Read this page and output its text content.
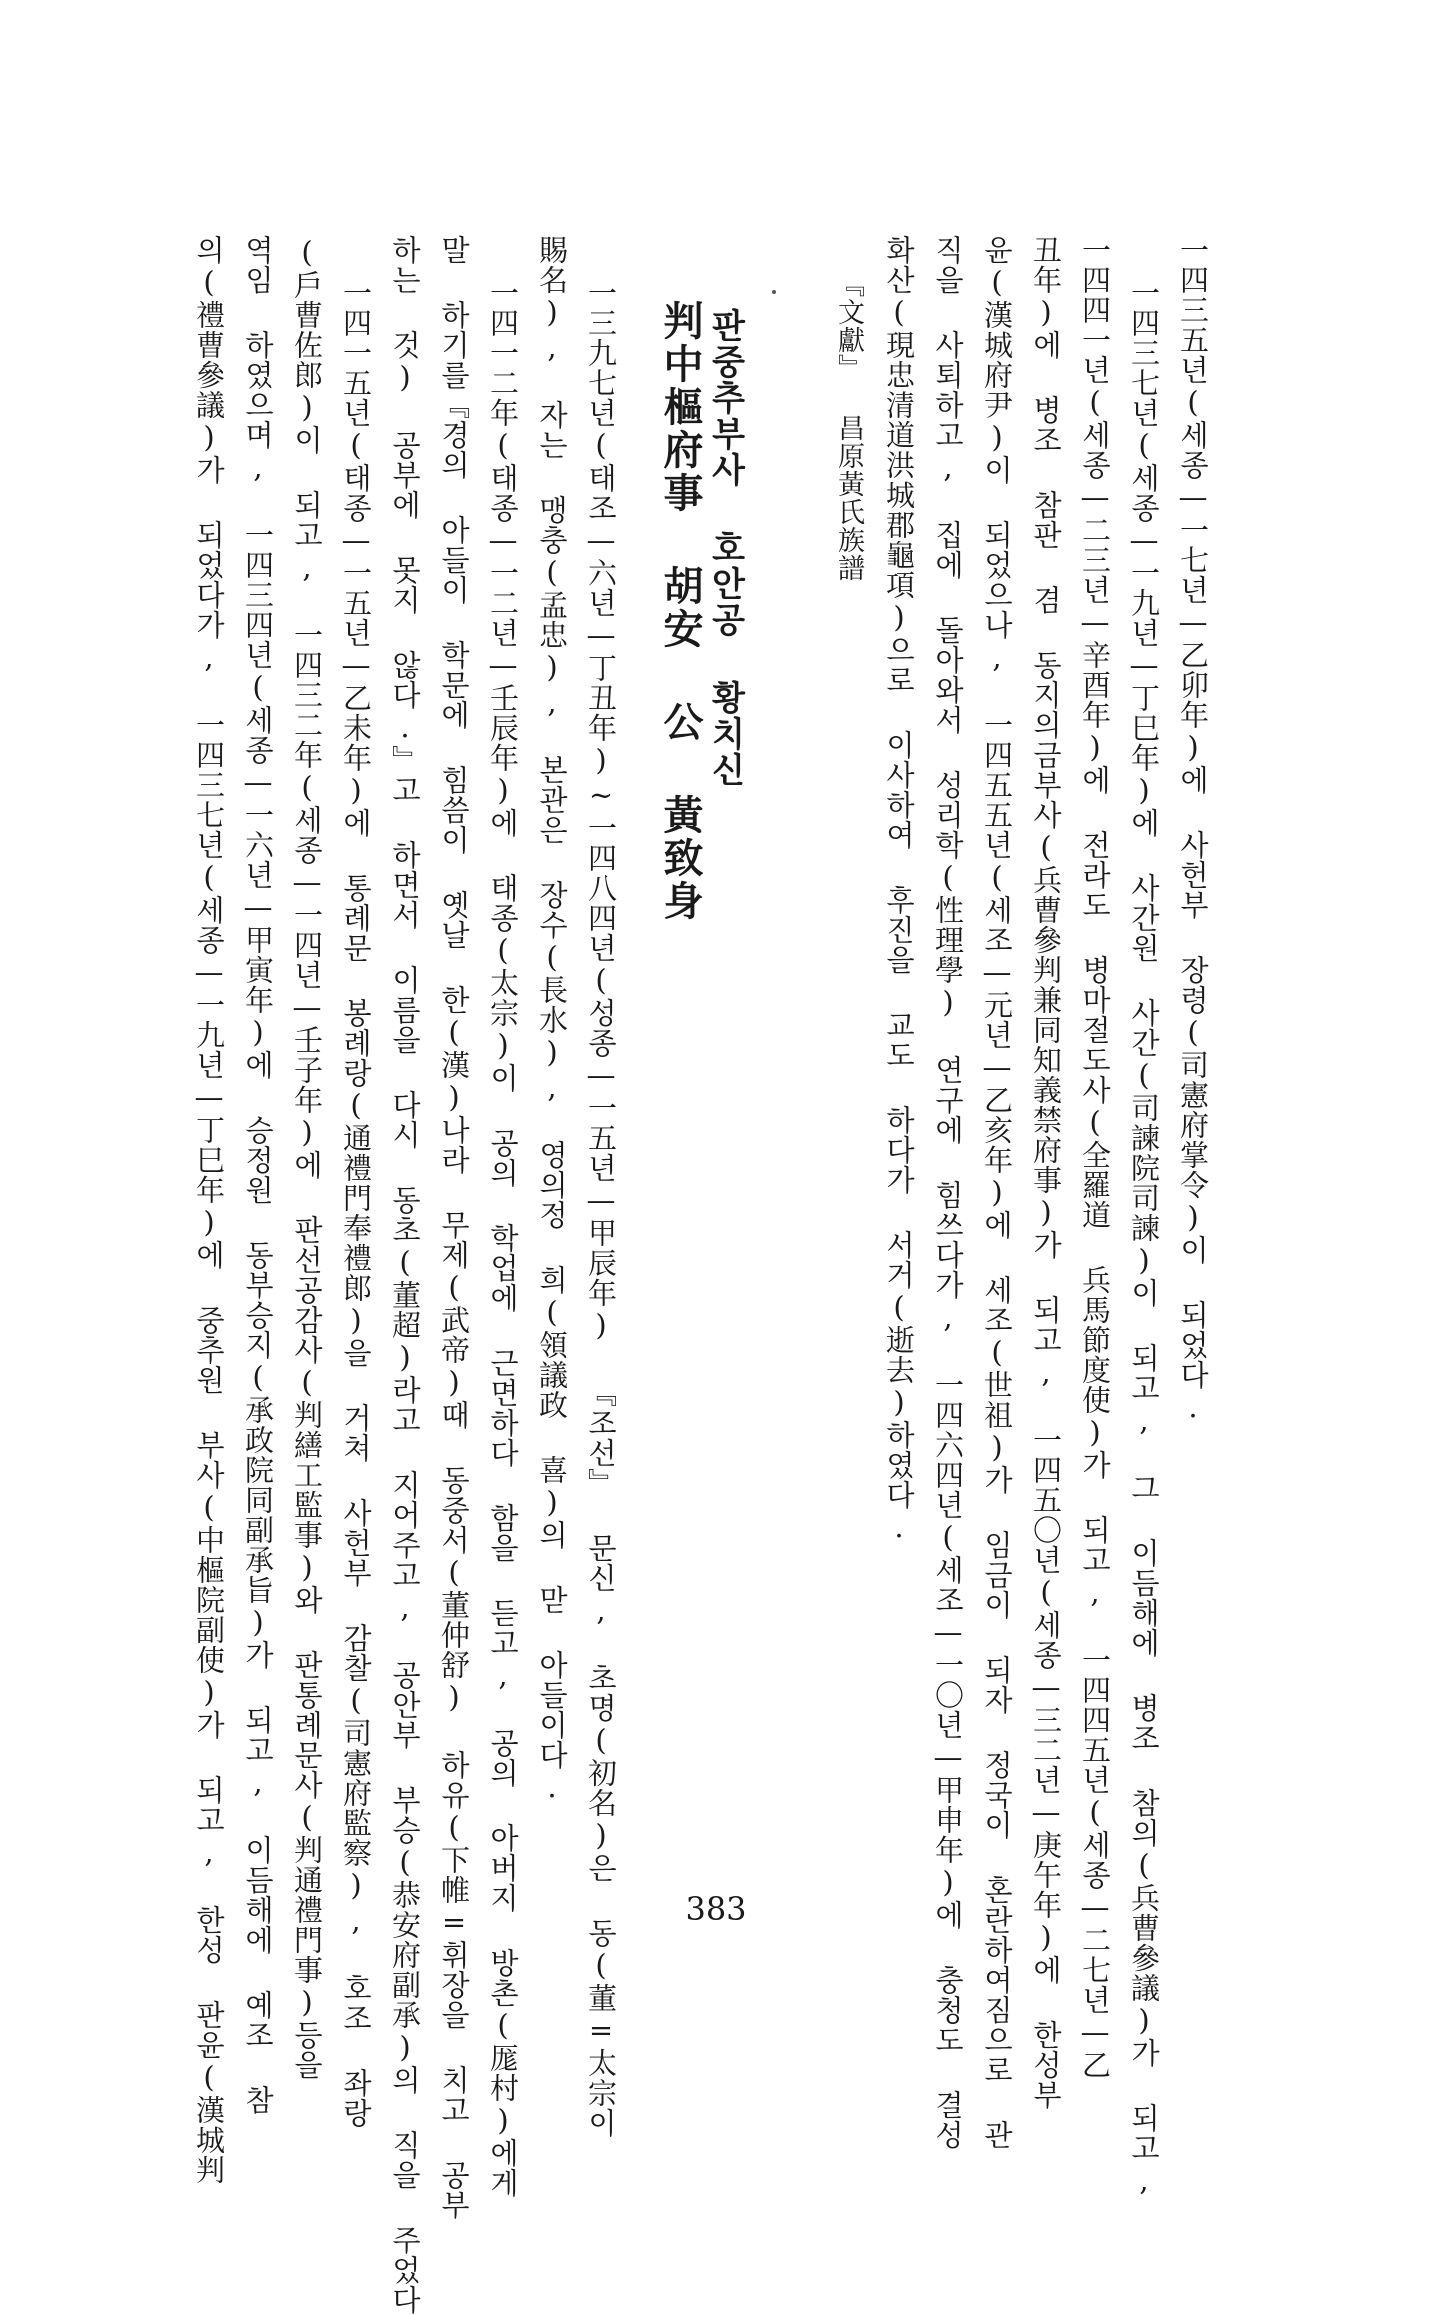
一四三五년(세종—一七년—乙卯年)에 사헌부 장령(司憲府掌令)이 되었다.
一四三七년(세종—一九년—丁巳年)에 사간원 사간(司諫院司諫)이 되고, 그 이듬해에 병조 참의(兵曹參議)가 되고,
一四四一년(세종—二三년—辛酉年)에 전라도 병마절도사(全羅道 兵馬節度使)가 되고, 一四四五년(세종—二七년—乙
丑年)에 병조 참판 겸 동지의금부사(兵曹參判兼同知義禁府事)가 되고, 一四五〇년(세종—三二년—庚午年)에 한성부
윤(漢城府尹)이 되었으나, 一四五五년(세조—元년—乙亥年)에 세조(世祖)가 임금이 되자 정국이 혼란하여짐으로 관
직을 사퇴하고, 집에 돌아와서 성리학(性理學) 연구에 힘쓰다가, 一四六四년(세조—一〇년—甲申年)에 충청도 결성
화산(現忠清道洪城郡龜項)으로 이사하여 후진을 교도 하다가 서거(逝去)하였다.
『文獻』 昌原黃氏族譜
판중추부사 호안공 황치신
判中樞府事 胡安 公 黃致身
一三九七년(태조—六년—丁丑年)~一四八四년(성종—一五년—甲辰年) 『조선』 문신, 초명(初名)은 동(董=太宗이
賜名), 자는 맹충(孟忠), 본관은 장수(長水), 영의정 희(領議政 喜)의 맏 아들이다.
一四一二年(태종—一二년—壬辰年)에 태종(太宗)이 공의 학업에 근면하다 함을 듣고, 공의 아버지 방촌(厖村)에게
말 하기를『경의 아들이 학문에 힘씀이 옛날 한(漢)나라 무제(武帝)때 동중서(董仲舒) 하유(下帷=휘장을 치고 공부
하는 것) 공부에 못지 않다.』고 하면서 이름을 다시 동초(董超)라고 지어주고, 공안부 부승(恭安府副承)의 직을 주었다
一四一五년(태종—一五년—乙未年)에 통례문 봉례랑(通禮門奉禮郎)을 거쳐 사헌부 감찰(司憲府監察), 호조 좌랑
(戶曹佐郎)이 되고, 一四三二年(세종—一四년—壬子年)에 판선공감사(判繕工監事)와 판통례문사(判通禮門事)등을
역임 하였으며, 一四三四년(세종—一六년—甲寅年)에 승정원 동부승지(承政院同副承旨)가 되고, 이듬해에 예조 참
의(禮曹參議)가 되었다가, 一四三七년(세종—一九년—丁巳年)에 중추원 부사(中樞院副使)가 되고, 한성 판윤(漢城判	383
